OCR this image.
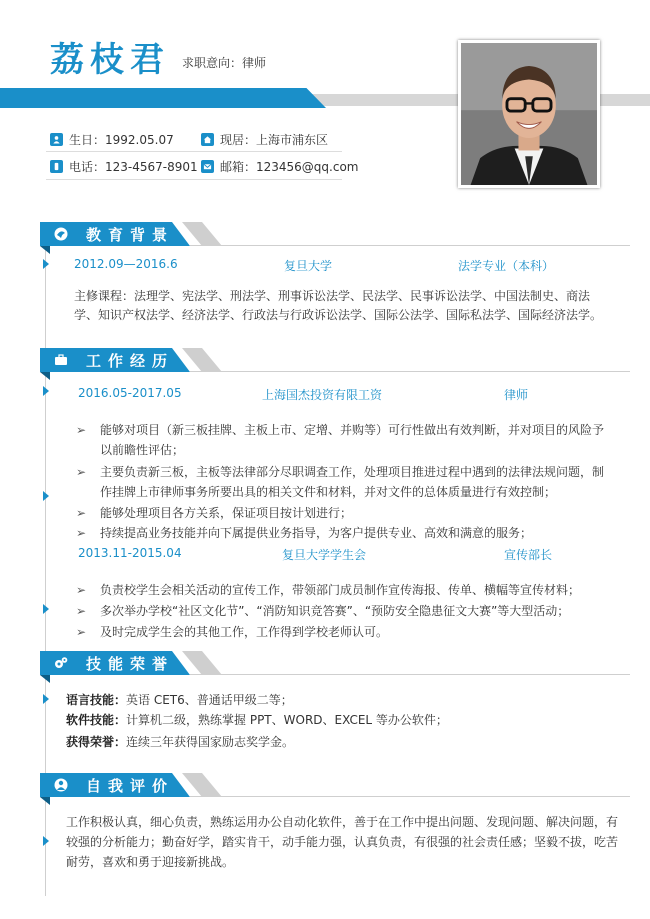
荔枝君 求职意向：律师
生日：1992.05.07	现居：上海市浦东区
电话：123-4567-8901 邮箱：123456@qq.com
教育背景
2012.09—2016.6	复旦大学	法学专业（本科）
主修课程：法理学、宪法学、刑法学、刑事诉讼法学、民法学、民事诉讼法学、中国法制史、商法
学、知识产权法学、经济法学、行政法与行政诉讼法学、国际公法学、国际私法学、国际经济法学。
工作经历
2016.05-2017.05	上海国杰投资有限工资	律师
➢ 能够对项目（新三板挂牌、主板上市、定增、并购等）可行性做出有效判断，并对项目的风险予
以前瞻性评估；
➢ 主要负责新三板，主板等法律部分尽职调查工作，处理项目推进过程中遇到的法律法规问题，制
作挂牌上市律师事务所要出具的相关文件和材料，并对文件的总体质量进行有效控制；
➢ 能够处理项目各方关系，保证项目按计划进行；
➢ 持续提高业务技能并向下属提供业务指导，为客户提供专业、高效和满意的服务；
2013.11-2015.04	复旦大学学生会	宣传部长
➢ 负责校学生会相关活动的宣传工作，带领部门成员制作宣传海报、传单、横幅等宣传材料；
➢ 多次举办学校“社区文化节”、“消防知识竞答赛”、“预防安全隐患征文大赛”等大型活动；
➢ 及时完成学生会的其他工作，工作得到学校老师认可。
技能荣誉
语言技能：英语 CET6、普通话甲级二等；
软件技能：计算机二级，熟练掌握 PPT、WORD、EXCEL 等办公软件；
获得荣誉：连续三年获得国家励志奖学金。
自我评价
工作积极认真，细心负责，熟练运用办公自动化软件，善于在工作中提出问题、发现问题、解决问题，有
较强的分析能力；勤奋好学，踏实肯干，动手能力强，认真负责，有很强的社会责任感；坚毅不拔，吃苦
耐劳，喜欢和勇于迎接新挑战。
